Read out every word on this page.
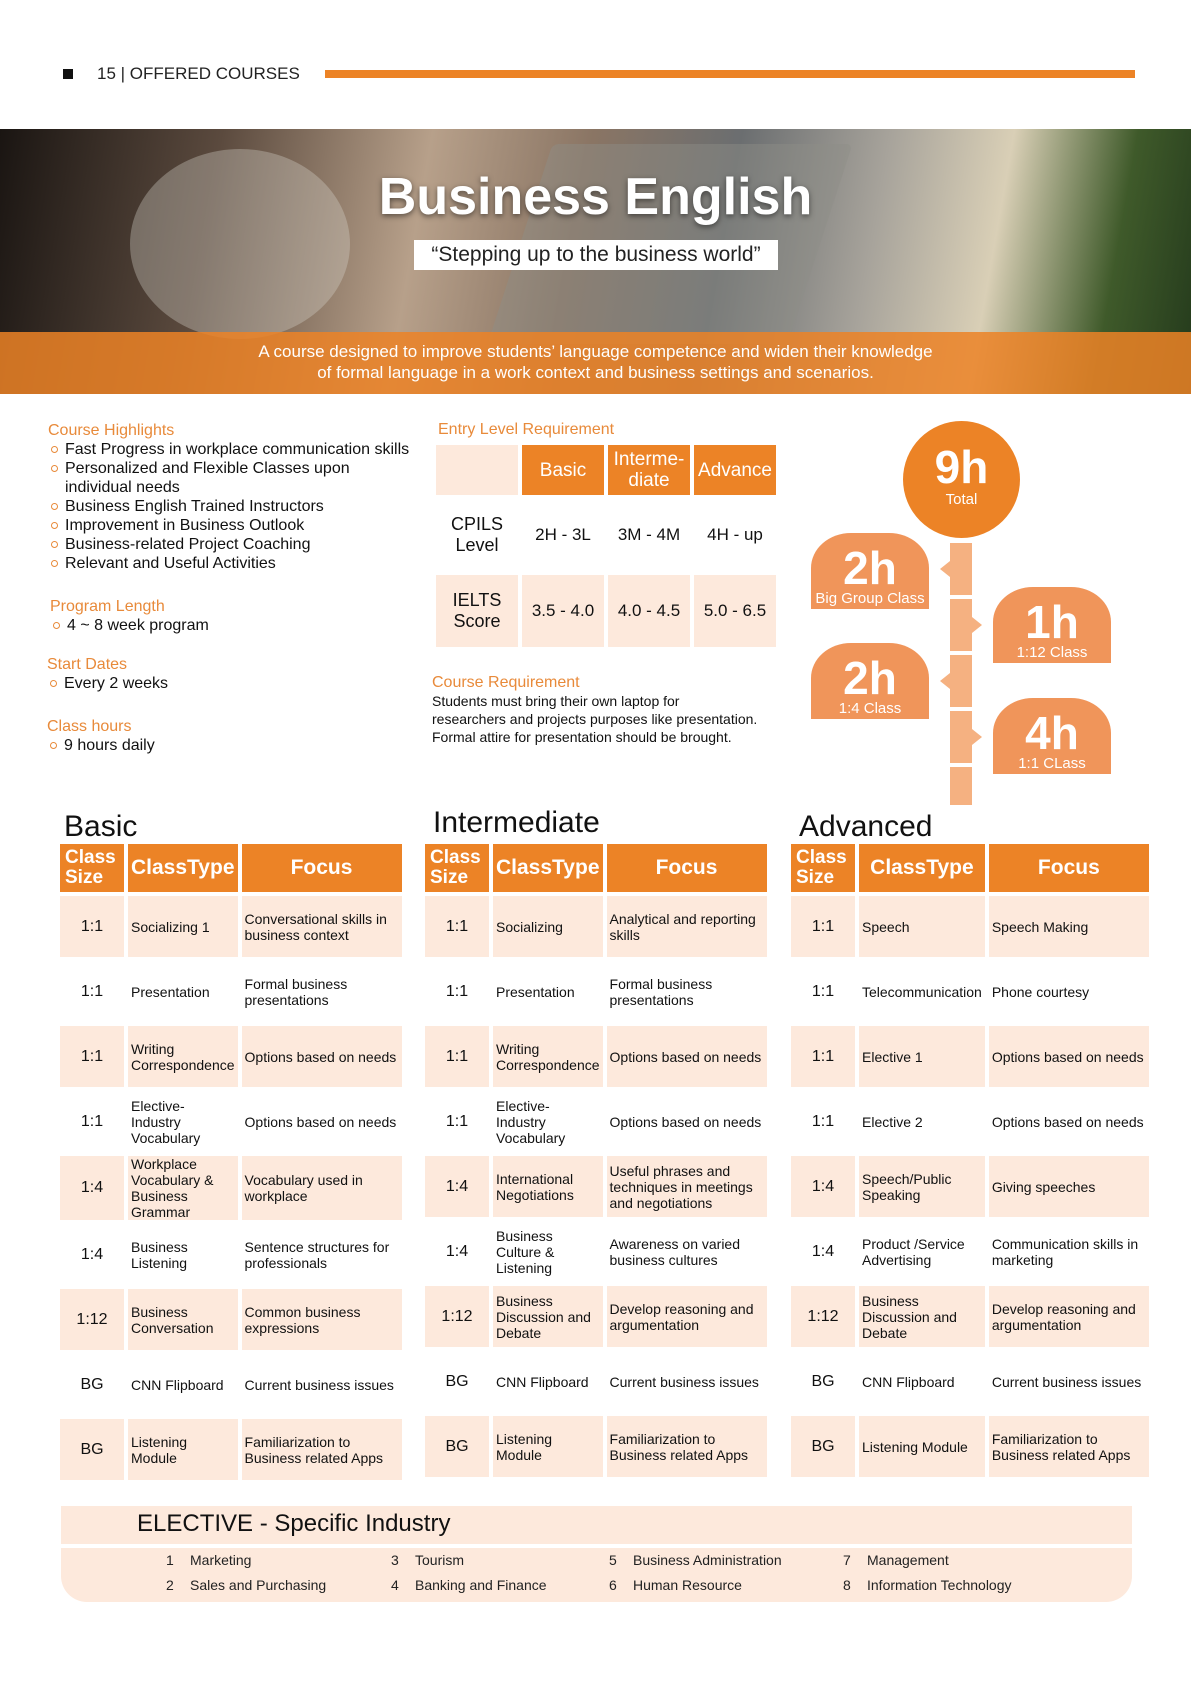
15 | OFFERED COURSES
Business English
“Stepping up to the business world”
A course designed to improve students’ language competence and widen their knowledge
of formal language in a work context and business settings and scenarios.
Course Highlights
Fast Progress in workplace communication skills
Personalized and Flexible Classes upon individual needs
Business English Trained Instructors
Improvement in Business Outlook
Business-related Project Coaching
Relevant and Useful Activities
Program Length
4 ~ 8 week program
Start Dates
Every 2 weeks
Class hours
9 hours daily
Entry Level Requirement
	Basic	Interme-diate	Advance
CPILS Level	2H - 3L	3M - 4M	4H - up
IELTS Score	3.5 - 4.0	4.0 - 4.5	5.0 - 6.5
Course Requirement
Students must bring their own laptop for
researchers and projects purposes like presentation.
Formal attire for presentation should be brought.
9h
Total
2h
Big Group Class	1h
1:12 Class
2h
1:4 Class	4h
1:1 CLass
Basic	Intermediate	Advanced
Class Size	ClassType	Focus
1:1	Socializing 1	Conversational skills in business context
1:1	Presentation	Formal business presentations
1:1	Writing Correspondence	Options based on needs
1:1	Elective- Industry Vocabulary	Options based on needs
1:4	Workplace Vocabulary & Business Grammar	Vocabulary used in workplace
1:4	Business Listening	Sentence structures for professionals
1:12	Business Conversation	Common business expressions
BG	CNN Flipboard	Current business issues
BG	Listening Module	Familiarization to Business related Apps
Class Size	ClassType	Focus
1:1	Socializing	Analytical and reporting skills
1:1	Presentation	Formal business presentations
1:1	Writing Correspondence	Options based on needs
1:1	Elective- Industry Vocabulary	Options based on needs
1:4	International Negotiations	Useful phrases and techniques in meetings and negotiations
1:4	Business Culture & Listening	Awareness on varied business cultures
1:12	Business Discussion and Debate	Develop reasoning and argumentation
BG	CNN Flipboard	Current business issues
BG	Listening Module	Familiarization to Business related Apps
Class Size	ClassType	Focus
1:1	Speech	Speech Making
1:1	Telecommunication	Phone courtesy
1:1	Elective 1	Options based on needs
1:1	Elective 2	Options based on needs
1:4	Speech/Public Speaking	Giving speeches
1:4	Product /Service Advertising	Communication skills in marketing
1:12	Business Discussion and Debate	Develop reasoning and argumentation
BG	CNN Flipboard	Current business issues
BG	Listening Module	Familiarization to Business related Apps
ELECTIVE - Specific Industry
1 Marketing
2 Sales and Purchasing
3 Tourism
4 Banking and Finance
5 Business Administration
6 Human Resource
7 Management
8 Information Technology
